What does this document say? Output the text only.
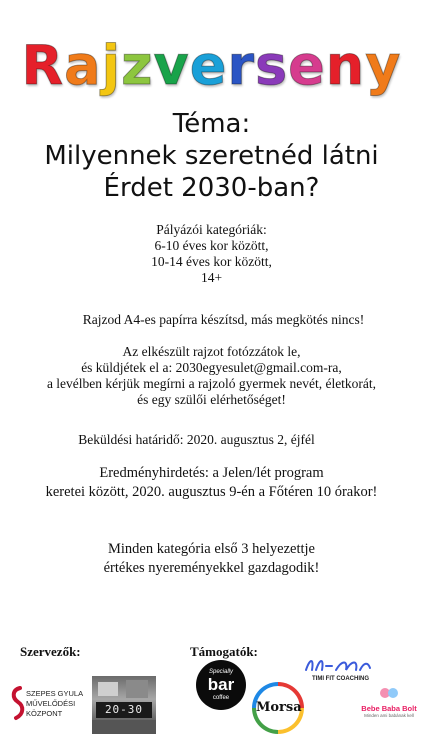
Rajzverseny
Téma:
Milyennek szeretnéd látni
Érdet 2030-ban?
Pályázói kategóriák:
6-10 éves kor között,
10-14 éves kor között,
14+
Rajzod A4-es papírra készítsd, más megkötés nincs!
Az elkészült rajzot fotózzátok le,
és küldjétek el a: 2030egyesulet@gmail.com-ra,
a levélben kérjük megírni a rajzoló gyermek nevét, életkorát,
és egy szülői elérhetőséget!
Beküldési határidő: 2020. augusztus 2, éjfél
Eredményhirdetés: a Jelen/lét program
keretei között, 2020. augusztus 9-én a Főtéren 10 órakor!
Minden kategória első 3 helyezettje
értékes nyereményekkel gazdagodik!
Szervezők:
SZEPES GYULA
MŰVELŐDÉSI
KÖZPONT	20-30
Támogatók:
Specially
bar
coffee
Morsa
TIMI FIT COACHING
Bebe Baba Bolt
Minden ami babának kell
